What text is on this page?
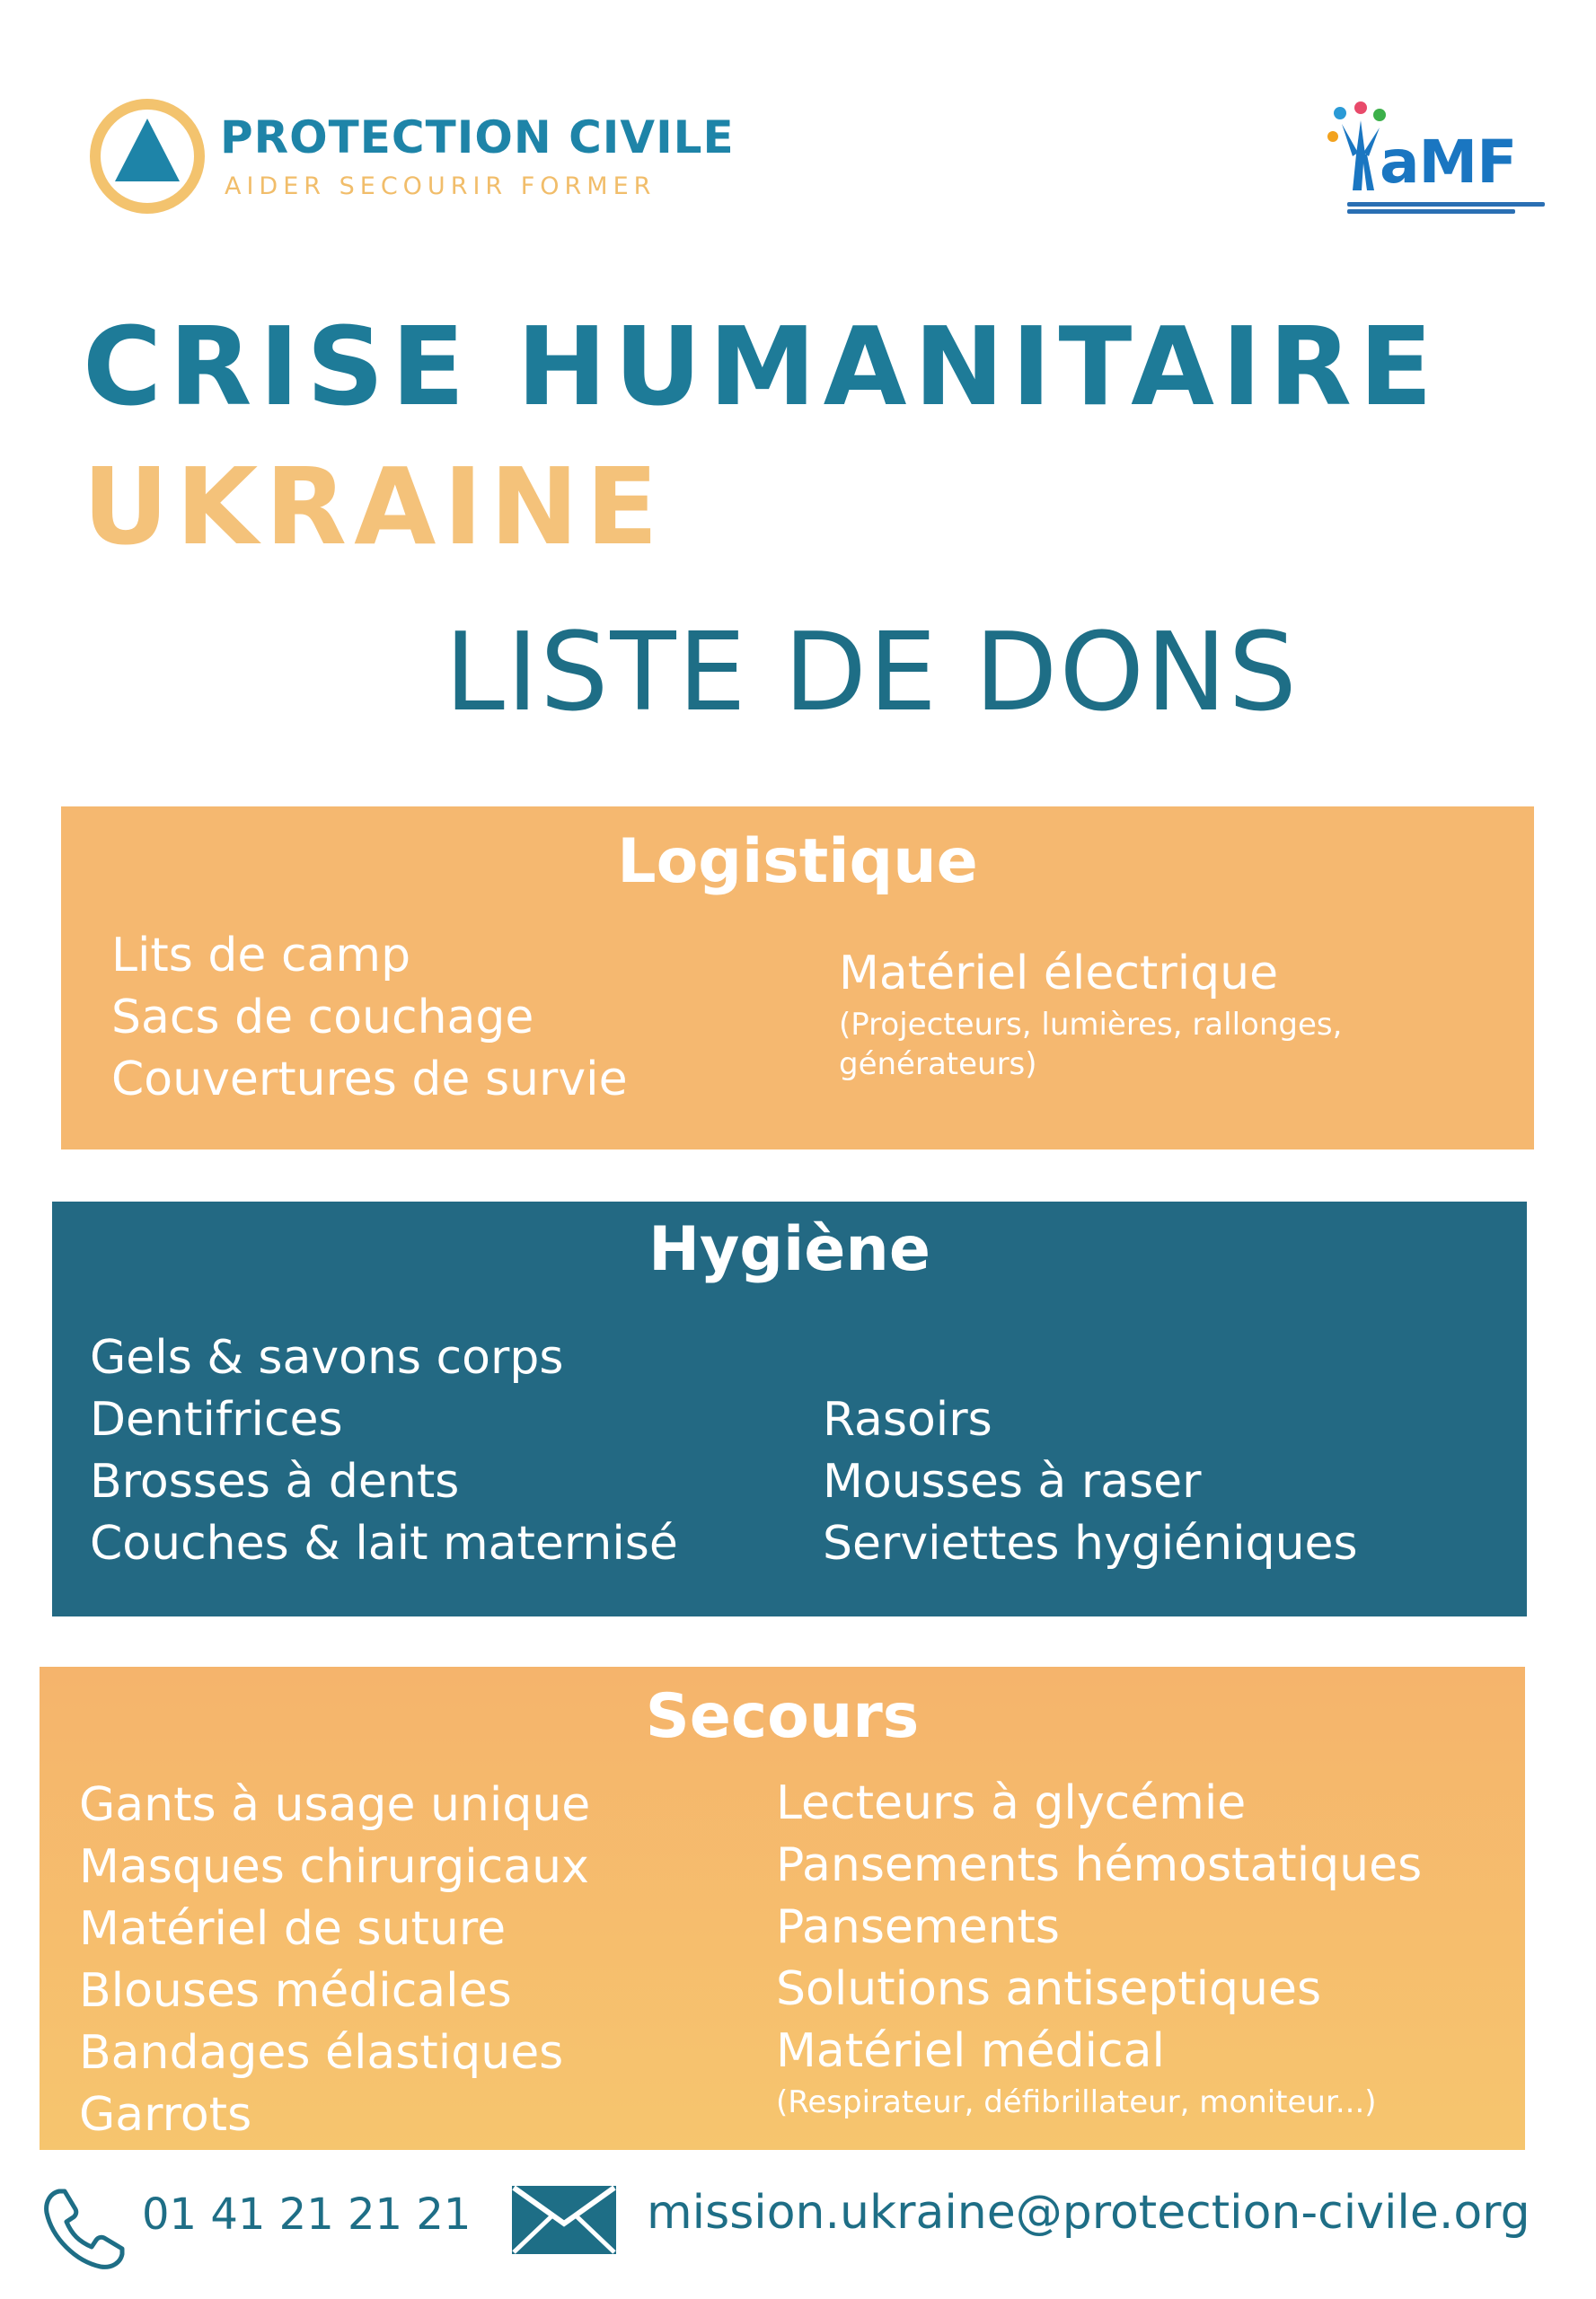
PROTECTION CIVILE
AIDER SECOURIR FORMER	aMF
CRISE HUMANITAIRE
UKRAINE
LISTE DE DONS
Logistique
Lits de camp
Sacs de couchage
Couvertures de survie
Matériel électrique
(Projecteurs, lumières, rallonges, générateurs)
Hygiène
Gels & savons corps
Dentifrices
Brosses à dents
Couches & lait maternisé
Rasoirs
Mousses à raser
Serviettes hygiéniques
Secours
Gants à usage unique
Masques chirurgicaux
Matériel de suture
Blouses médicales
Bandages élastiques
Garrots
Lecteurs à glycémie
Pansements hémostatiques
Pansements
Solutions antiseptiques
Matériel médical
(Respirateur, défibrillateur, moniteur...)
01 41 21 21 21	mission.ukraine@protection-civile.org
